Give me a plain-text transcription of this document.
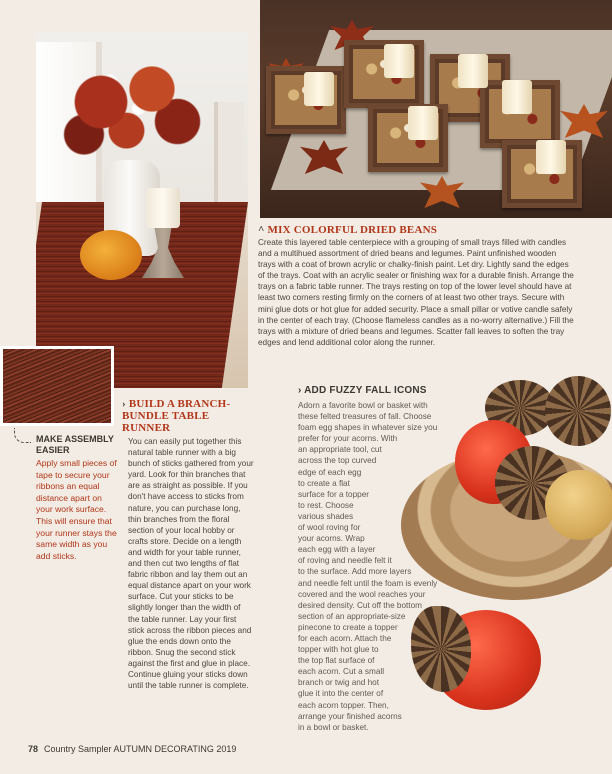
^ MIX COLORFUL DRIED BEANS
Create this layered table centerpiece with a grouping of small trays filled with candles and a multihued assortment of dried beans and legumes. Paint unfinished wooden trays with a coat of brown acrylic or chalky-finish paint. Let dry. Lightly sand the edges of the trays. Coat with an acrylic sealer or finishing wax for a durable finish. Arrange the trays on a fabric table runner. The trays resting on top of the lower level should have at least two corners resting firmly on the corners of at least two other trays. Secure with mini glue dots or hot glue for added security. Place a small pillar or votive candle safely in the center of each tray. (Choose flameless candles as a no-worry alternative.) Fill the trays with a mixture of dried beans and legumes. Scatter fall leaves to soften the tray edges and lend additional color along the runner.
› BUILD A BRANCH-
BUNDLE TABLE
RUNNER
You can easily put together this natural table runner with a big bunch of sticks gathered from your yard. Look for thin branches that are as straight as possible. If you don't have access to sticks from nature, you can purchase long, thin branches from the floral section of your local hobby or crafts store. Decide on a length and width for your table runner, and then cut two lengths of flat fabric ribbon and lay them out an equal distance apart on your work surface. Cut your sticks to be slightly longer than the width of the table runner. Lay your first stick across the ribbon pieces and glue the ends down onto the ribbon. Snug the second stick against the first and glue in place. Continue gluing your sticks down until the table runner is complete.
MAKE ASSEMBLY
EASIER
Apply small pieces of tape to secure your ribbons an equal distance apart on your work surface. This will ensure that your runner stays the same width as you add sticks.
› ADD FUZZY FALL ICONS
Adorn a favorite bowl or basket with
these felted treasures of fall. Choose
foam egg shapes in whatever size you
prefer for your acorns. With
an appropriate tool, cut
across the top curved
edge of each egg
to create a flat
surface for a topper
to rest. Choose
various shades
of wool roving for
your acorns. Wrap
each egg with a layer
of roving and needle felt it
to the surface. Add more layers
and needle felt until the foam is evenly
covered and the wool reaches your
desired density. Cut off the bottom
section of an appropriate-size
pinecone to create a topper
for each acorn. Attach the
topper with hot glue to
the top flat surface of
each acorn. Cut a small
branch or twig and hot
glue it into the center of
each acorn topper. Then,
arrange your finished acorns
in a bowl or basket.
78 Country Sampler AUTUMN DECORATING 2019
